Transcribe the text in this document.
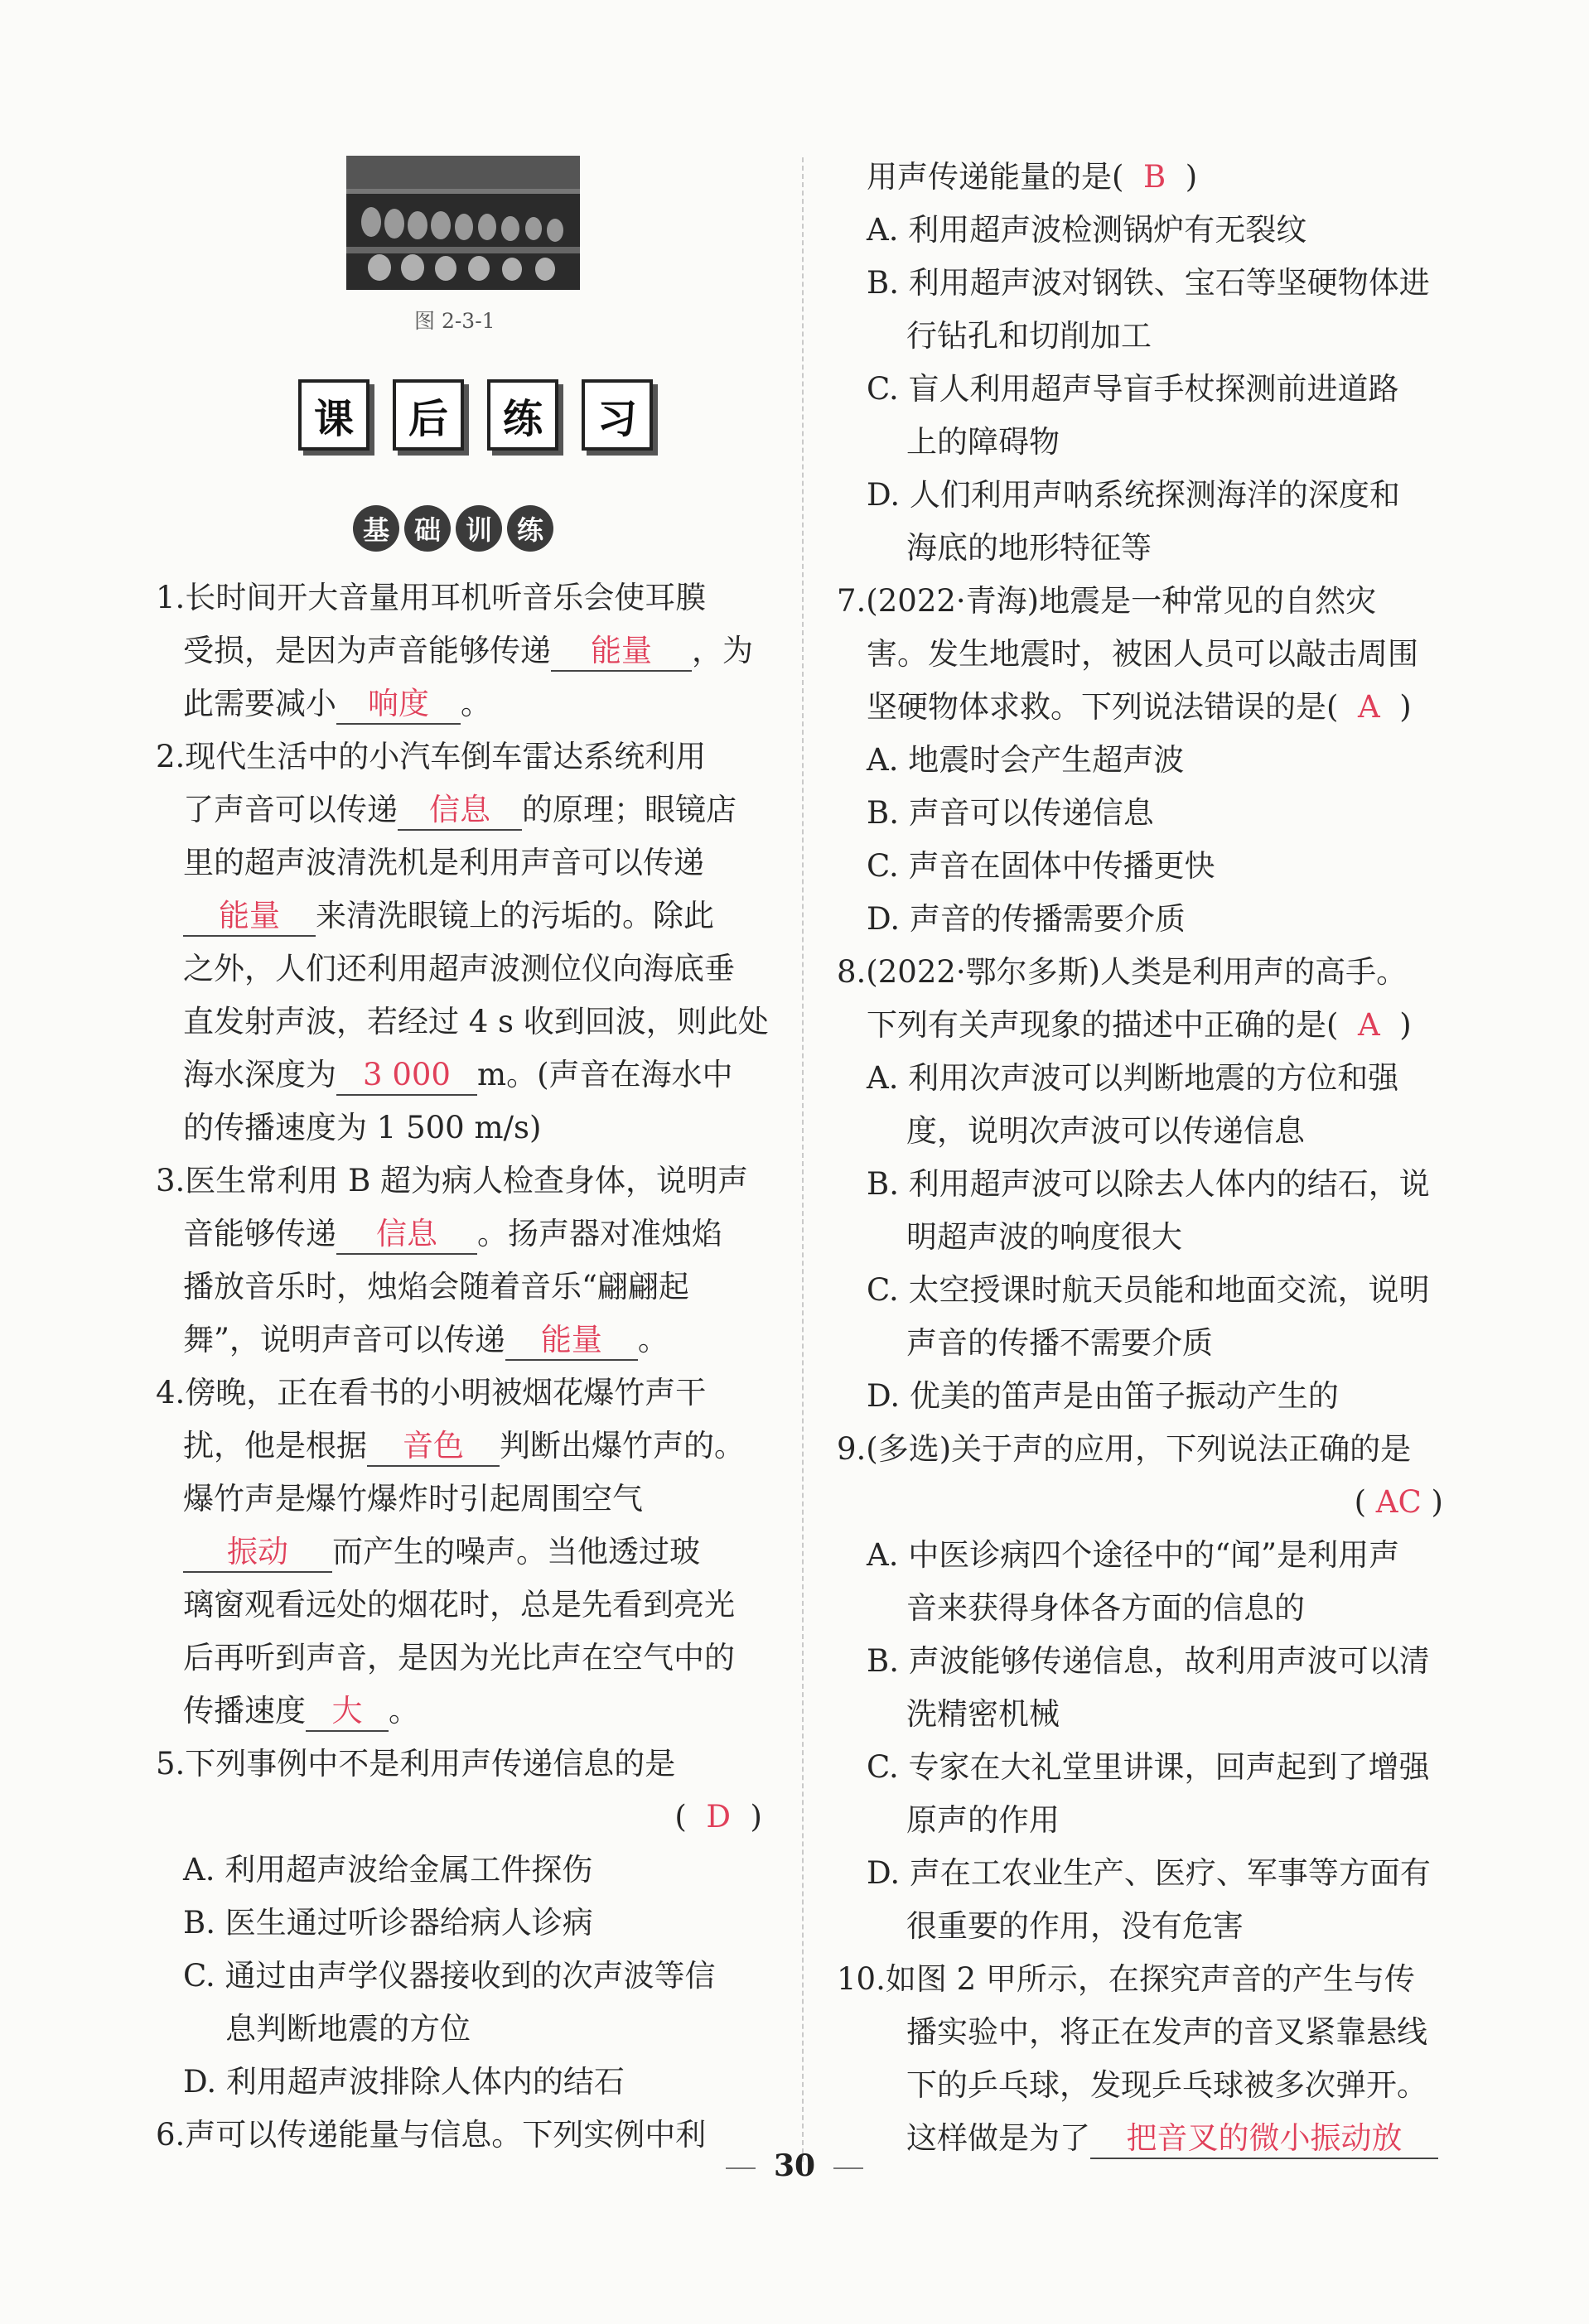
图 2-3-1
课	后	练	习
基 础 训 练
1.长时间开大音量用耳机听音乐会使耳膜
受损，是因为声音能够传递 能量 ，为
此需要减小 响度 。
2.现代生活中的小汽车倒车雷达系统利用
了声音可以传递 信息 的原理；眼镜店
里的超声波清洗机是利用声音可以传递
能量 来清洗眼镜上的污垢的。除此
之外，人们还利用超声波测位仪向海底垂
直发射声波，若经过 4 s 收到回波，则此处
海水深度为 3 000 m。(声音在海水中
的传播速度为 1 500 m/s)
3.医生常利用 B 超为病人检查身体，说明声
音能够传递 信息 。扬声器对准烛焰
播放音乐时，烛焰会随着音乐“翩翩起
舞”，说明声音可以传递 能量 。
4.傍晚，正在看书的小明被烟花爆竹声干
扰，他是根据 音色 判断出爆竹声的。
爆竹声是爆竹爆炸时引起周围空气
振动 而产生的噪声。当他透过玻
璃窗观看远处的烟花时，总是先看到亮光
后再听到声音，是因为光比声在空气中的
传播速度 大 。
5.下列事例中不是利用声传递信息的是
(  D  )
A. 利用超声波给金属工件探伤
B. 医生通过听诊器给病人诊病
C. 通过由声学仪器接收到的次声波等信
息判断地震的方位
D. 利用超声波排除人体内的结石
6.声可以传递能量与信息。下列实例中利
用声传递能量的是( B  )
A. 利用超声波检测锅炉有无裂纹
B. 利用超声波对钢铁、宝石等坚硬物体进
行钻孔和切削加工
C. 盲人利用超声导盲手杖探测前进道路
上的障碍物
D. 人们利用声呐系统探测海洋的深度和
海底的地形特征等
7.(2022·青海)地震是一种常见的自然灾
害。发生地震时，被困人员可以敲击周围
坚硬物体求救。下列说法错误的是( A  )
A. 地震时会产生超声波
B. 声音可以传递信息
C. 声音在固体中传播更快
D. 声音的传播需要介质
8.(2022·鄂尔多斯)人类是利用声的高手。
下列有关声现象的描述中正确的是( A  )
A. 利用次声波可以判断地震的方位和强
度，说明次声波可以传递信息
B. 利用超声波可以除去人体内的结石，说
明超声波的响度很大
C. 太空授课时航天员能和地面交流，说明
声音的传播不需要介质
D. 优美的笛声是由笛子振动产生的
9.(多选)关于声的应用，下列说法正确的是
( AC )
A. 中医诊病四个途径中的“闻”是利用声
音来获得身体各方面的信息的
B. 声波能够传递信息，故利用声波可以清
洗精密机械
C. 专家在大礼堂里讲课，回声起到了增强
原声的作用
D. 声在工农业生产、医疗、军事等方面有
很重要的作用，没有危害
10.如图 2 甲所示，在探究声音的产生与传
播实验中，将正在发声的音叉紧靠悬线
下的乒乓球，发现乒乓球被多次弹开。
这样做是为了 把音叉的微小振动放
30
